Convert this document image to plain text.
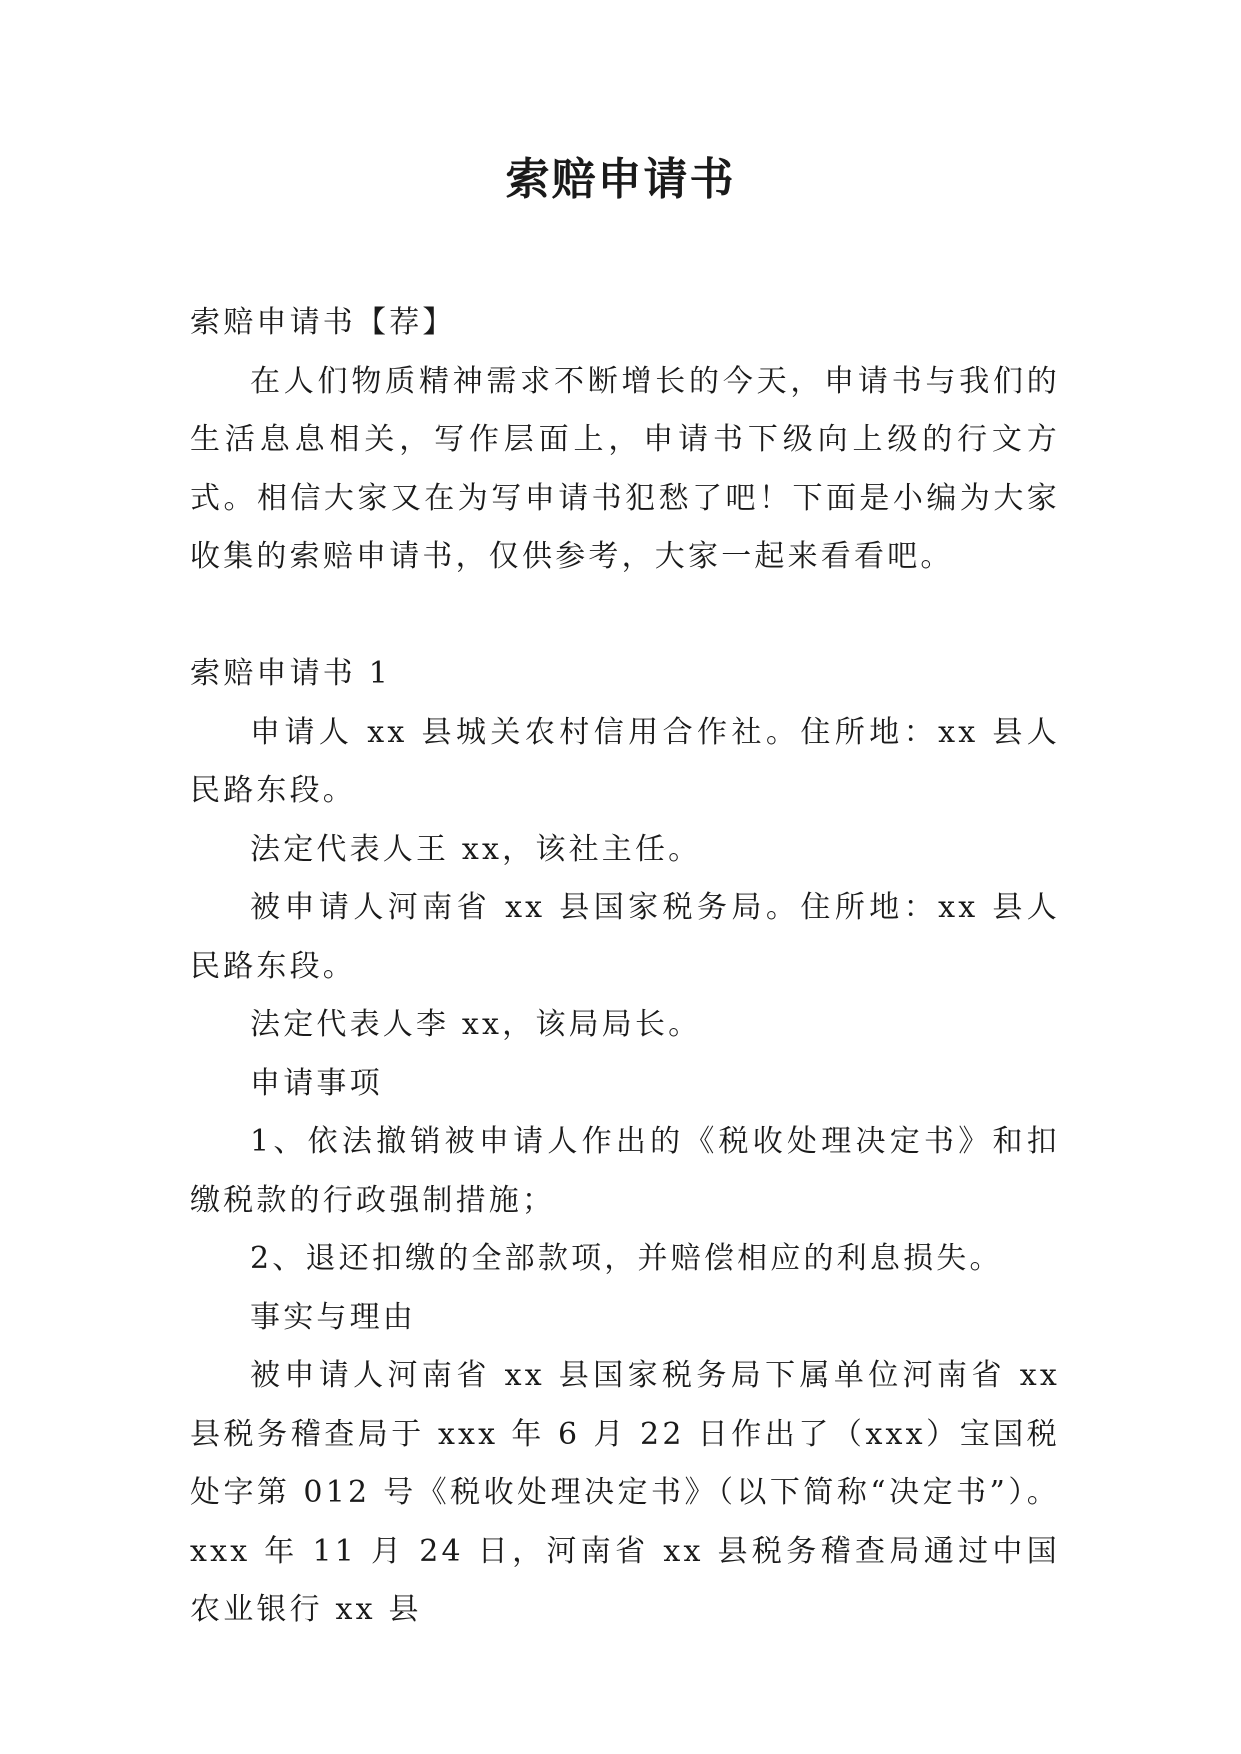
索赔申请书

索赔申请书【荐】

在人们物质精神需求不断增长的今天，申请书与我们的生活息息相关，写作层面上，申请书下级向上级的行文方式。相信大家又在为写申请书犯愁了吧！下面是小编为大家收集的索赔申请书，仅供参考，大家一起来看看吧。

索赔申请书 1

申请人 xx 县城关农村信用合作社。住所地：xx 县人民路东段。

法定代表人王 xx，该社主任。

被申请人河南省 xx 县国家税务局。住所地：xx 县人民路东段。

法定代表人李 xx，该局局长。

申请事项

1、依法撤销被申请人作出的《税收处理决定书》和扣缴税款的行政强制措施；

2、退还扣缴的全部款项，并赔偿相应的利息损失。

事实与理由

被申请人河南省 xx 县国家税务局下属单位河南省 xx 县税务稽查局于 xxx 年 6 月 22 日作出了（xxx）宝国税处字第 012 号《税收处理决定书》（以下简称“决定书”）。xxx 年 11 月 24 日，河南省 xx 县税务稽查局通过中国农业银行 xx 县
